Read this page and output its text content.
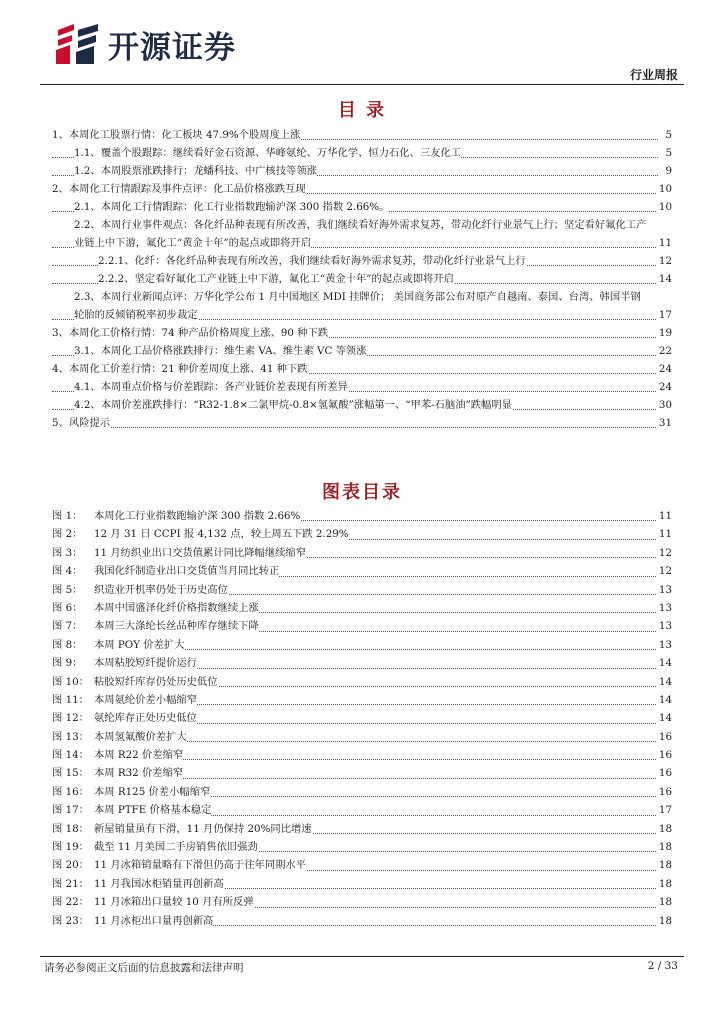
开源证券
行业周报
目 录
1、本周化工股票行情：化工板块 47.9%个股周度上涨	5
1.1、覆盖个股跟踪：继续看好金石资源、华峰氨纶、万华化学、恒力石化、三友化工	5
1.2、本周股票涨跌排行：龙蟠科技、中广核技等领涨	9
2、本周化工行情跟踪及事件点评：化工品价格涨跌互现	10
2.1、本周化工行情跟踪：化工行业指数跑输沪深 300 指数 2.66%。	10
2.2、本周行业事件观点：各化纤品种表现有所改善，我们继续看好海外需求复苏，带动化纤行业景气上行；坚定看好氟化工产业链上中下游，氟化工“黄金十年”的起点或即将开启	11
2.2.1、化纤：各化纤品种表现有所改善，我们继续看好海外需求复苏，带动化纤行业景气上行	12
2.2.2、坚定看好氟化工产业链上中下游，氟化工“黄金十年”的起点或即将开启	14
2.3、本周行业新闻点评：万华化学公布 1 月中国地区 MDI 挂牌价； 美国商务部公布对原产自越南、泰国、台湾、韩国半钢轮胎的反倾销税率初步裁定	17
3、本周化工价格行情：74 种产品价格周度上涨、90 种下跌	19
3.1、本周化工品价格涨跌排行：维生素 VA、维生素 VC 等领涨	22
4、本周化工价差行情：21 种价差周度上涨、41 种下跌	24
4.1、本周重点价格与价差跟踪：各产业链价差表现有所差异	24
4.2、本周价差涨跌排行：“R32-1.8×二氯甲烷-0.8×氢氟酸”涨幅第一、“甲苯-石脑油”跌幅明显	30
5、风险提示	31
图表目录
图 1： 本周化工行业指数跑输沪深 300 指数 2.66%	11
图 2： 12 月 31 日 CCPI 报 4,132 点，较上周五下跌 2.29%	11
图 3： 11 月纺织业出口交货值累计同比降幅继续缩窄	12
图 4： 我国化纤制造业出口交货值当月同比转正	12
图 5： 织造业开机率仍处于历史高位	13
图 6： 本周中国盛泽化纤价格指数继续上涨	13
图 7： 本周三大涤纶长丝品种库存继续下降	13
图 8： 本周 POY 价差扩大	13
图 9： 本周粘胶短纤提价运行	14
图 10： 粘胶短纤库存仍处历史低位	14
图 11： 本周氨纶价差小幅缩窄	14
图 12： 氨纶库存正处历史低位	14
图 13： 本周氢氟酸价差扩大	16
图 14： 本周 R22 价差缩窄	16
图 15： 本周 R32 价差缩窄	16
图 16： 本周 R125 价差小幅缩窄	16
图 17： 本周 PTFE 价格基本稳定	17
图 18： 新屋销量虽有下滑，11 月仍保持 20%同比增速	18
图 19： 截至 11 月美国二手房销售依旧强劲	18
图 20： 11 月冰箱销量略有下滑但仍高于往年同期水平	18
图 21： 11 月我国冰柜销量再创新高	18
图 22： 11 月冰箱出口量较 10 月有所反弹	18
图 23： 11 月冰柜出口量再创新高	18
请务必参阅正文后面的信息披露和法律声明	2 / 33
